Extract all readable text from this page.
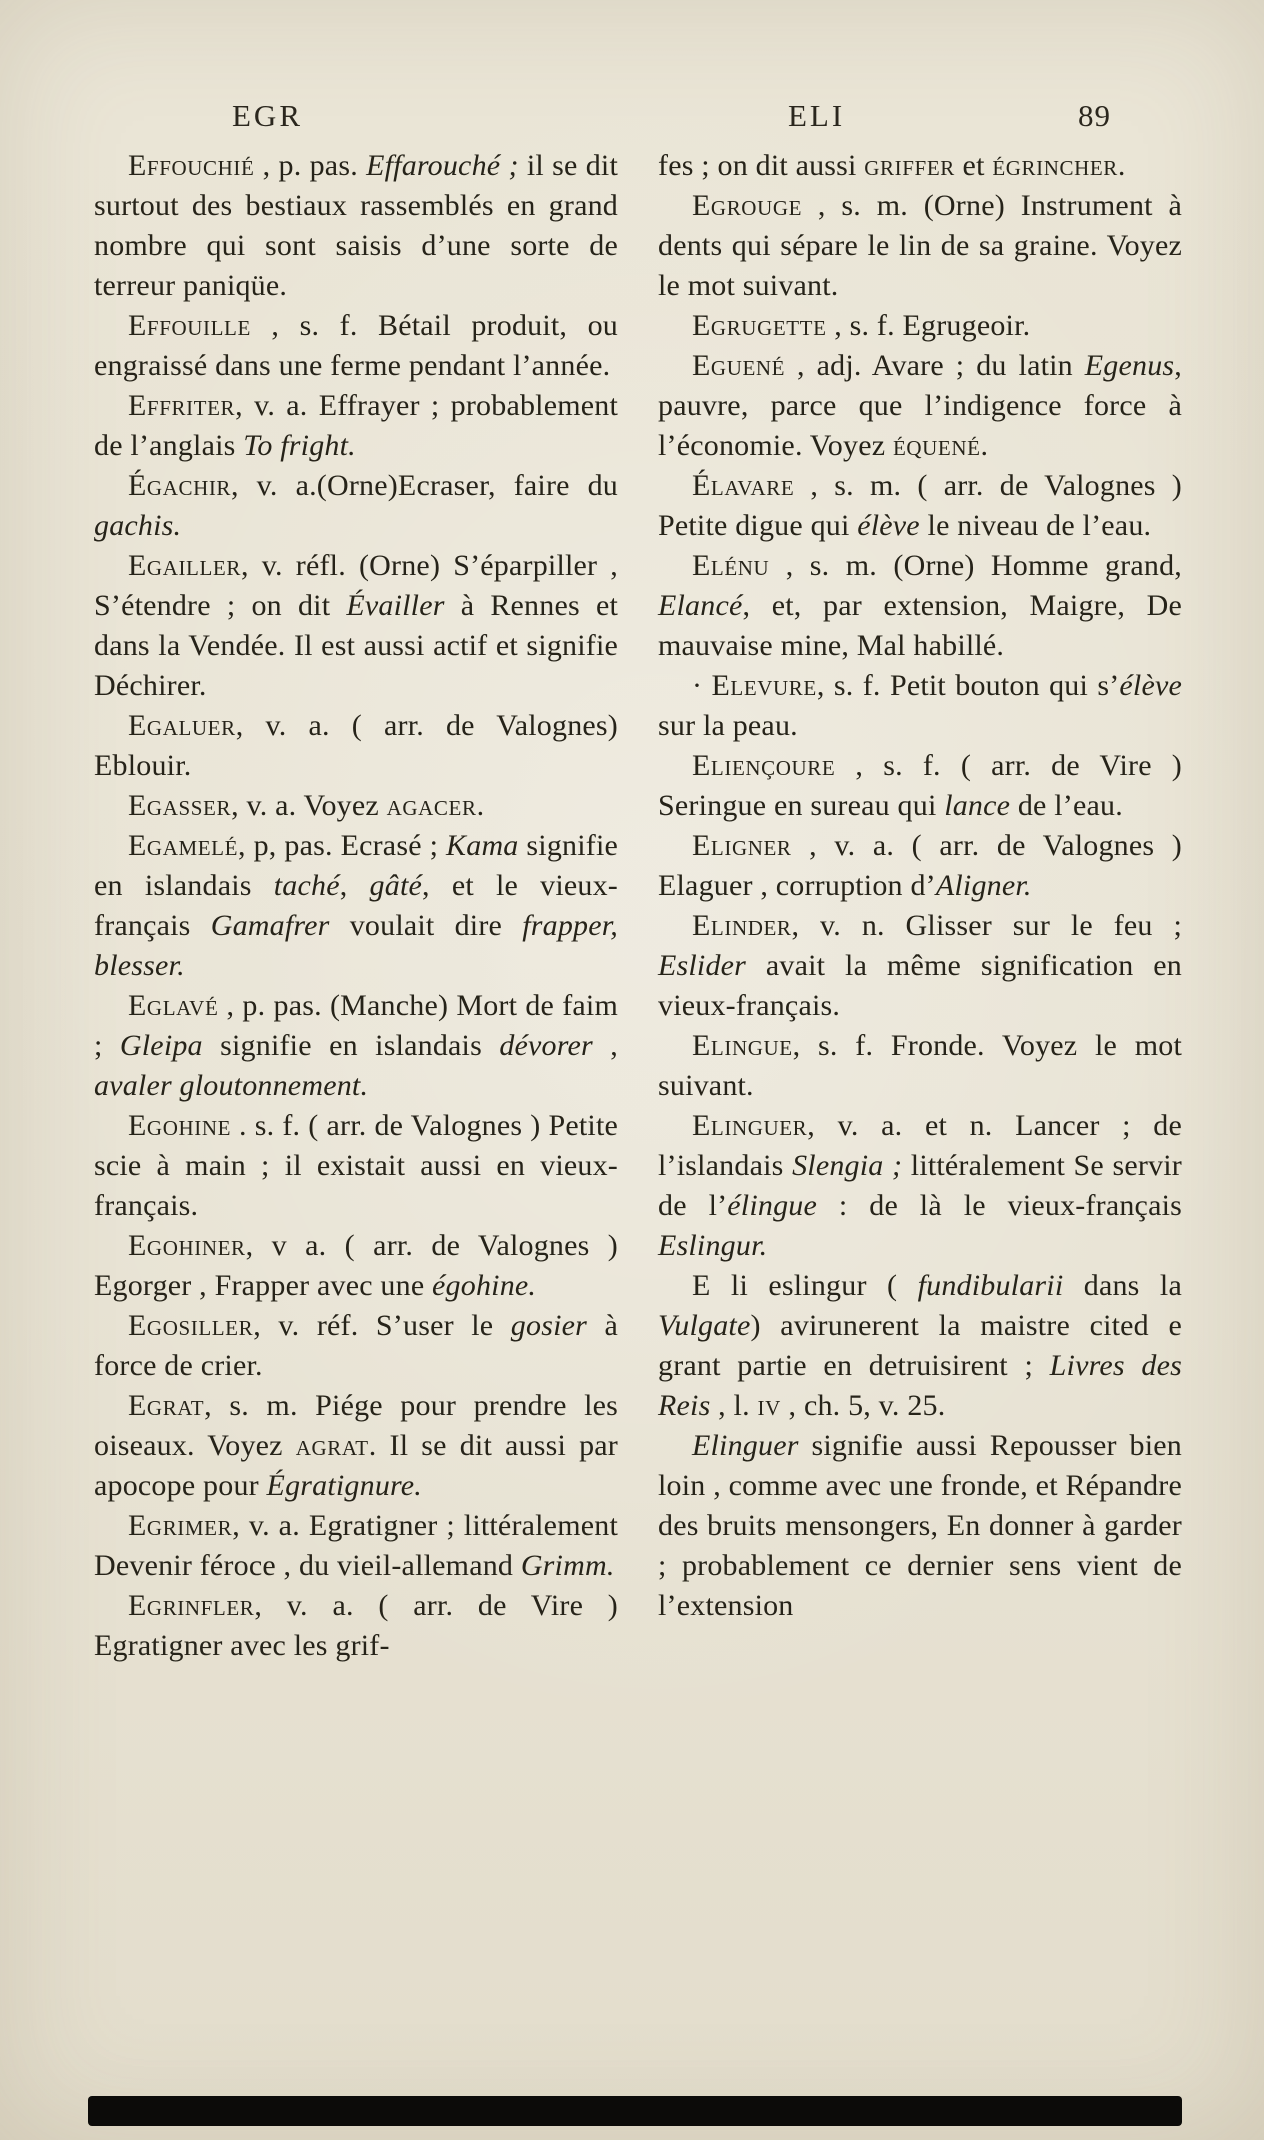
EGR	ELI	89

Effouchié , p. pas. Effarouché ; il se dit surtout des bestiaux rassemblés en grand nombre qui sont saisis d’une sorte de terreur paniqüe.

Effouille , s. f. Bétail produit, ou engraissé dans une ferme pendant l’année.

Effriter, v. a. Effrayer ; probablement de l’anglais To fright.

Égachir, v. a.(Orne)Ecraser, faire du gachis.

Egailler, v. réfl. (Orne) S’éparpiller , S’étendre ; on dit Évailler à Rennes et dans la Vendée. Il est aussi actif et signifie Déchirer.

Egaluer, v. a. ( arr. de Valognes) Eblouir.

Egasser, v. a. Voyez agacer.

Egamelé, p, pas. Ecrasé ; Kama signifie en islandais taché, gâté, et le vieux-français Gamafrer voulait dire frapper, blesser.

Eglavé , p. pas. (Manche) Mort de faim ; Gleipa signifie en islandais dévorer , avaler gloutonnement.

Egohine . s. f. ( arr. de Valognes ) Petite scie à main ; il existait aussi en vieux-français.

Egohiner, v a. ( arr. de Valognes ) Egorger , Frapper avec une égohine.

Egosiller, v. réf. S’user le gosier à force de crier.

Egrat, s. m. Piége pour prendre les oiseaux. Voyez agrat. Il se dit aussi par apocope pour Égratignure.

Egrimer, v. a. Egratigner ; littéralement Devenir féroce , du vieil-allemand Grimm.

Egrinfler, v. a. ( arr. de Vire ) Egratigner avec les grif-

fes ; on dit aussi griffer et égrincher.

Egrouge , s. m. (Orne) Instrument à dents qui sépare le lin de sa graine. Voyez le mot suivant.

Egrugette , s. f. Egrugeoir.

Eguené , adj. Avare ; du latin Egenus, pauvre, parce que l’indigence force à l’économie. Voyez équené.

Élavare , s. m. ( arr. de Valognes ) Petite digue qui élève le niveau de l’eau.

Elénu , s. m. (Orne) Homme grand, Elancé, et, par extension, Maigre, De mauvaise mine, Mal habillé.

· Elevure, s. f. Petit bouton qui s’élève sur la peau.

Eliençoure , s. f. ( arr. de Vire ) Seringue en sureau qui lance de l’eau.

Eligner , v. a. ( arr. de Valognes ) Elaguer , corruption d’Aligner.

Elinder, v. n. Glisser sur le feu ; Eslider avait la même signification en vieux-français.

Elingue, s. f. Fronde. Voyez le mot suivant.

Elinguer, v. a. et n. Lancer ; de l’islandais Slengia ; littéralement Se servir de l’élingue : de là le vieux-français Eslingur.

E li eslingur ( fundibularii dans la Vulgate) avirunerent la maistre cited e grant partie en detruisirent ; Livres des Reis , l. iv , ch. 5, v. 25.

Elinguer signifie aussi Repousser bien loin , comme avec une fronde, et Répandre des bruits mensongers, En donner à garder ; probablement ce dernier sens vient de l’extension
